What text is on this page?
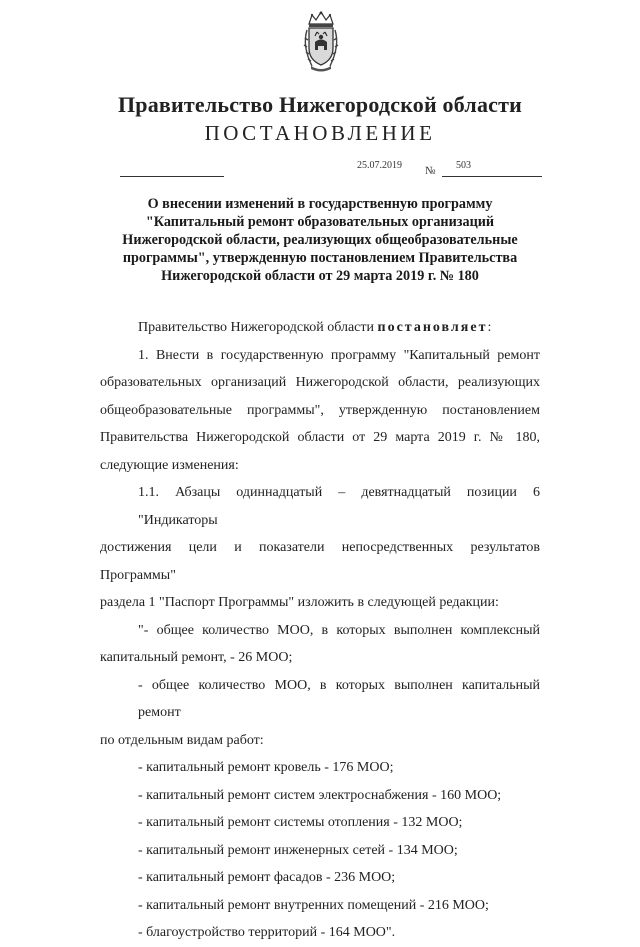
Правительство Нижегородской области
ПОСТАНОВЛЕНИЕ
25.07.2019 № 503
О внесении изменений в государственную программу
"Капитальный ремонт образовательных организаций
Нижегородской области, реализующих общеобразовательные
программы", утвержденную постановлением Правительства
Нижегородской области от 29 марта 2019 г. № 180
Правительство Нижегородской области постановляет:
1. Внести в государственную программу "Капитальный ремонт
образовательных организаций Нижегородской области, реализующих
общеобразовательные программы", утвержденную постановлением
Правительства Нижегородской области от 29 марта 2019 г. № 180,
следующие изменения:
1.1. Абзацы одиннадцатый – девятнадцатый позиции 6 "Индикаторы
достижения цели и показатели непосредственных результатов Программы"
раздела 1 "Паспорт Программы" изложить в следующей редакции:
"- общее количество МОО, в которых выполнен комплексный
капитальный ремонт, - 26 МОО;
- общее количество МОО, в которых выполнен капитальный ремонт
по отдельным видам работ:
- капитальный ремонт кровель - 176 МОО;
- капитальный ремонт систем электроснабжения - 160 МОО;
- капитальный ремонт системы отопления - 132 МОО;
- капитальный ремонт инженерных сетей - 134 МОО;
- капитальный ремонт фасадов - 236 МОО;
- капитальный ремонт внутренних помещений - 216 МОО;
- благоустройство территорий - 164 МОО".
